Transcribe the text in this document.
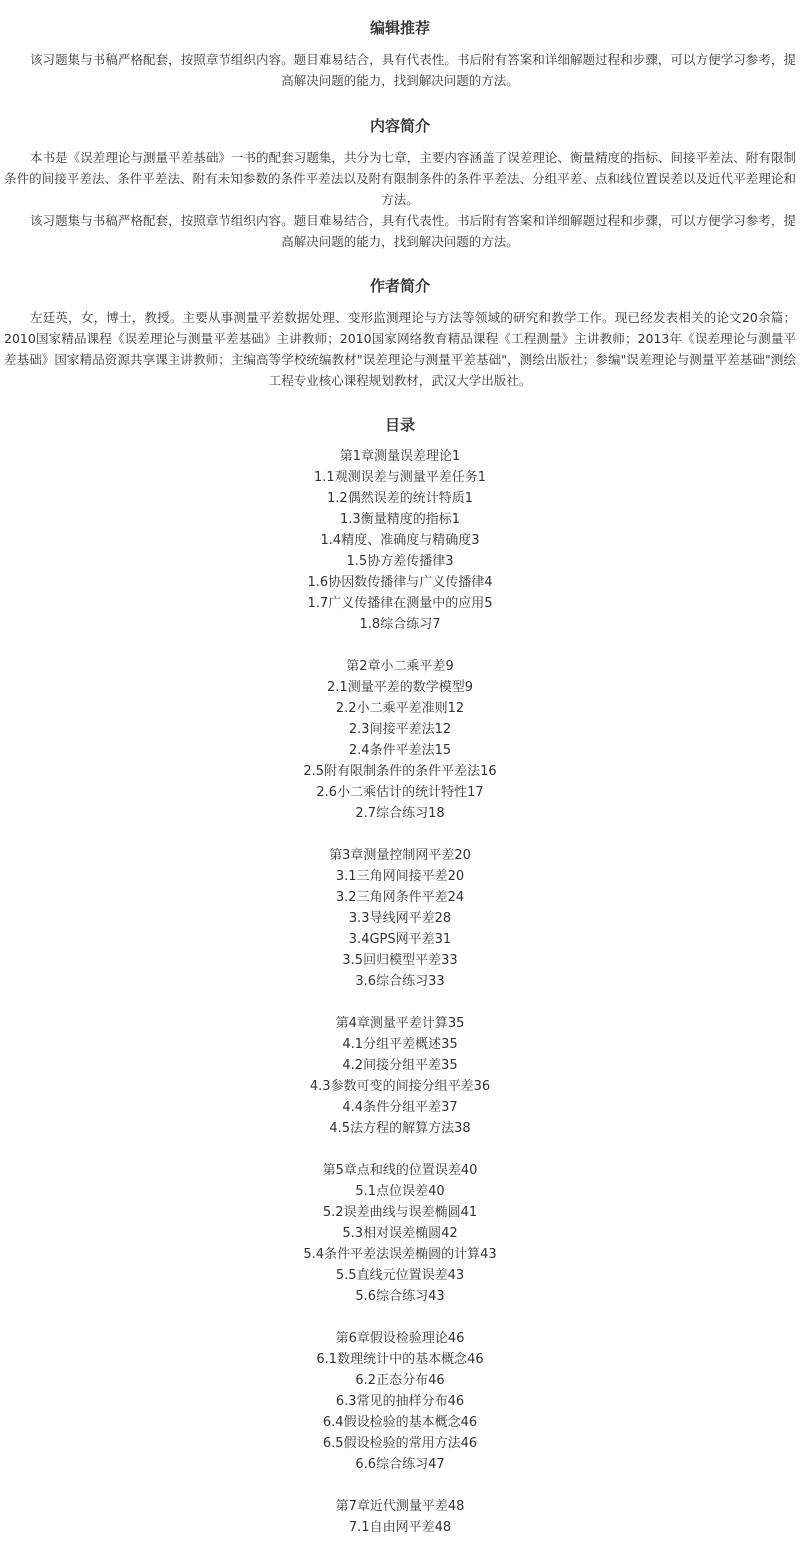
编辑推荐

该习题集与书稿严格配套，按照章节组织内容。题目难易结合，具有代表性。书后附有答案和详细解题过程和步骤，可以方便学习参考，提高解决问题的能力，找到解决问题的方法。

内容简介

本书是《误差理论与测量平差基础》一书的配套习题集，共分为七章，主要内容涵盖了误差理论、衡量精度的指标、间接平差法、附有限制条件的间接平差法、条件平差法、附有未知参数的条件平差法以及附有限制条件的条件平差法、分组平差、点和线位置误差以及近代平差理论和方法。

该习题集与书稿严格配套，按照章节组织内容。题目难易结合，具有代表性。书后附有答案和详细解题过程和步骤，可以方便学习参考，提高解决问题的能力，找到解决问题的方法。

作者简介

左廷英，女，博士，教授。主要从事测量平差数据处理、变形监测理论与方法等领域的研究和教学工作。现已经发表相关的论文20余篇；2010国家精品课程《误差理论与测量平差基础》主讲教师；2010国家网络教育精品课程《工程测量》主讲教师；2013年《误差理论与测量平差基础》国家精品资源共享课主讲教师；主编高等学校统编教材"误差理论与测量平差基础"，测绘出版社；参编"误差理论与测量平差基础"测绘工程专业核心课程规划教材，武汉大学出版社。

目录
第1章测量误差理论1
1.1观测误差与测量平差任务1
1.2偶然误差的统计特质1
1.3衡量精度的指标1
1.4精度、准确度与精确度3
1.5协方差传播律3
1.6协因数传播律与广义传播律4
1.7广义传播律在测量中的应用5
1.8综合练习7
第2章小二乘平差9
2.1测量平差的数学模型9
2.2小二乘平差准则12
2.3间接平差法12
2.4条件平差法15
2.5附有限制条件的条件平差法16
2.6小二乘估计的统计特性17
2.7综合练习18
第3章测量控制网平差20
3.1三角网间接平差20
3.2三角网条件平差24
3.3导线网平差28
3.4GPS网平差31
3.5回归模型平差33
3.6综合练习33
第4章测量平差计算35
4.1分组平差概述35
4.2间接分组平差35
4.3参数可变的间接分组平差36
4.4条件分组平差37
4.5法方程的解算方法38
第5章点和线的位置误差40
5.1点位误差40
5.2误差曲线与误差椭圆41
5.3相对误差椭圆42
5.4条件平差法误差椭圆的计算43
5.5直线元位置误差43
5.6综合练习43
第6章假设检验理论46
6.1数理统计中的基本概念46
6.2正态分布46
6.3常见的抽样分布46
6.4假设检验的基本概念46
6.5假设检验的常用方法46
6.6综合练习47
第7章近代测量平差48
7.1自由网平差48
